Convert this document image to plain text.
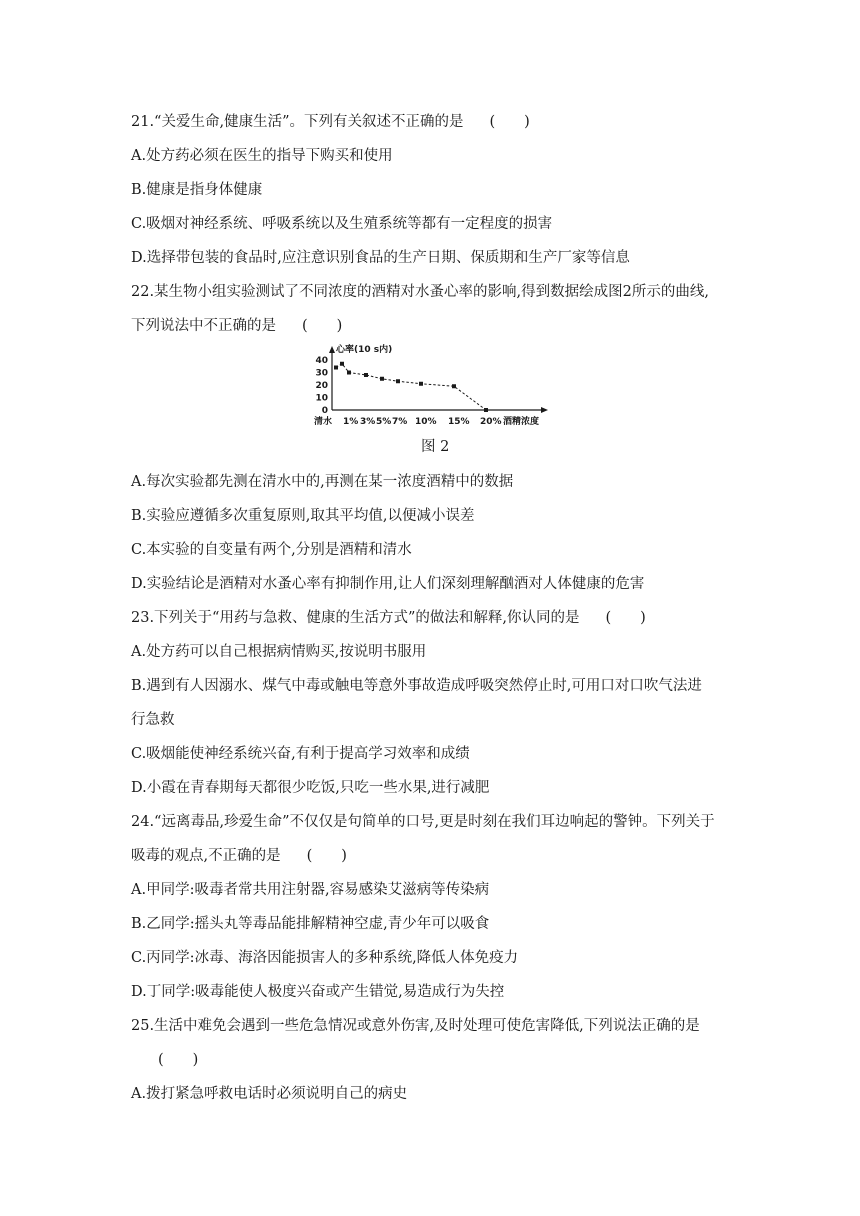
21.“关爱生命,健康生活”。下列有关叙述不正确的是 (　　)
A.处方药必须在医生的指导下购买和使用
B.健康是指身体健康
C.吸烟对神经系统、呼吸系统以及生殖系统等都有一定程度的损害
D.选择带包装的食品时,应注意识别食品的生产日期、保质期和生产厂家等信息
22.某生物小组实验测试了不同浓度的酒精对水蚤心率的影响,得到数据绘成图2所示的曲线,
下列说法中不正确的是 (　　)
心率(10 s内)
酒精浓度
0
10
20
30
40
清水 1% 3% 5% 7% 10% 15% 20%
图 2
A.每次实验都先测在清水中的,再测在某一浓度酒精中的数据
B.实验应遵循多次重复原则,取其平均值,以便减小误差
C.本实验的自变量有两个,分别是酒精和清水
D.实验结论是酒精对水蚤心率有抑制作用,让人们深刻理解酗酒对人体健康的危害
23.下列关于“用药与急救、健康的生活方式”的做法和解释,你认同的是 (　　)
A.处方药可以自己根据病情购买,按说明书服用
B.遇到有人因溺水、煤气中毒或触电等意外事故造成呼吸突然停止时,可用口对口吹气法进
行急救
C.吸烟能使神经系统兴奋,有利于提高学习效率和成绩
D.小霞在青春期每天都很少吃饭,只吃一些水果,进行减肥
24.“远离毒品,珍爱生命”不仅仅是句简单的口号,更是时刻在我们耳边响起的警钟。下列关于
吸毒的观点,不正确的是 (　　)
A.甲同学:吸毒者常共用注射器,容易感染艾滋病等传染病
B.乙同学:摇头丸等毒品能排解精神空虚,青少年可以吸食
C.丙同学:冰毒、海洛因能损害人的多种系统,降低人体免疫力
D.丁同学:吸毒能使人极度兴奋或产生错觉,易造成行为失控
25.生活中难免会遇到一些危急情况或意外伤害,及时处理可使危害降低,下列说法正确的是
(　　)
A.拨打紧急呼救电话时必须说明自己的病史
